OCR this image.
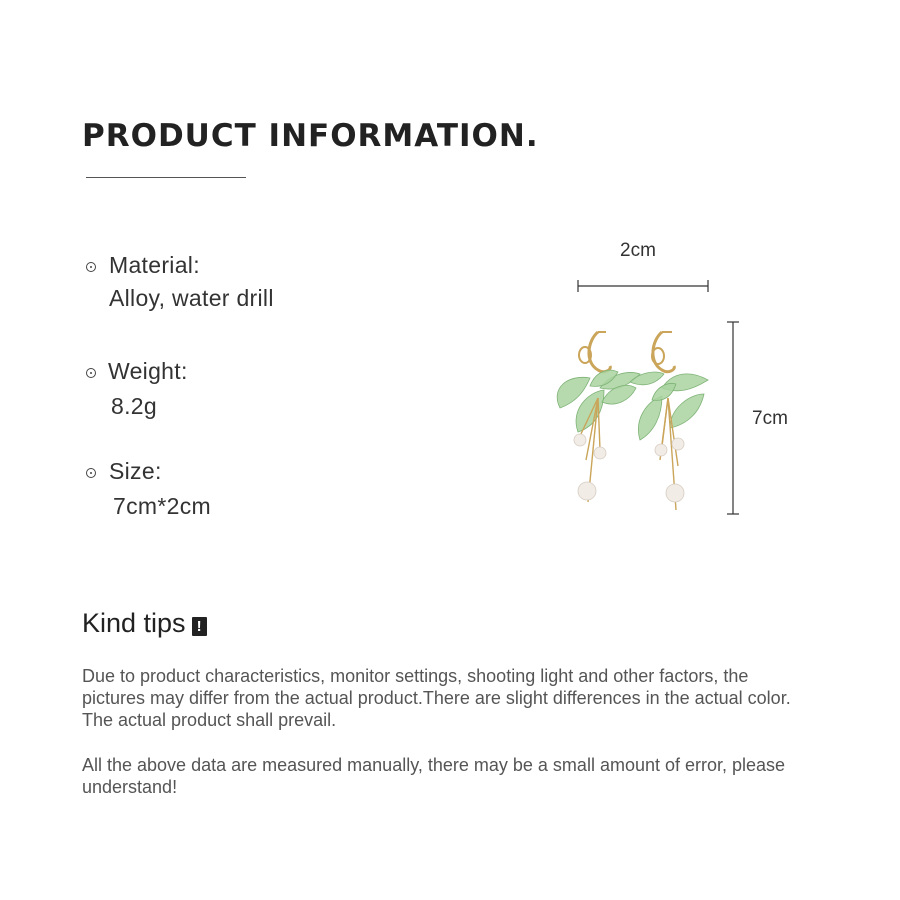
PRODUCT INFORMATION.
Material:
Alloy, water drill
Weight:
8.2g
Size:
7cm*2cm
2cm
7cm
Kind tips !
Due to product characteristics, monitor settings, shooting light and other factors, the pictures may differ from the actual product.There are slight differences in the actual color. The actual product shall prevail.
All the above data are measured manually, there may be a small amount of error, please understand!
